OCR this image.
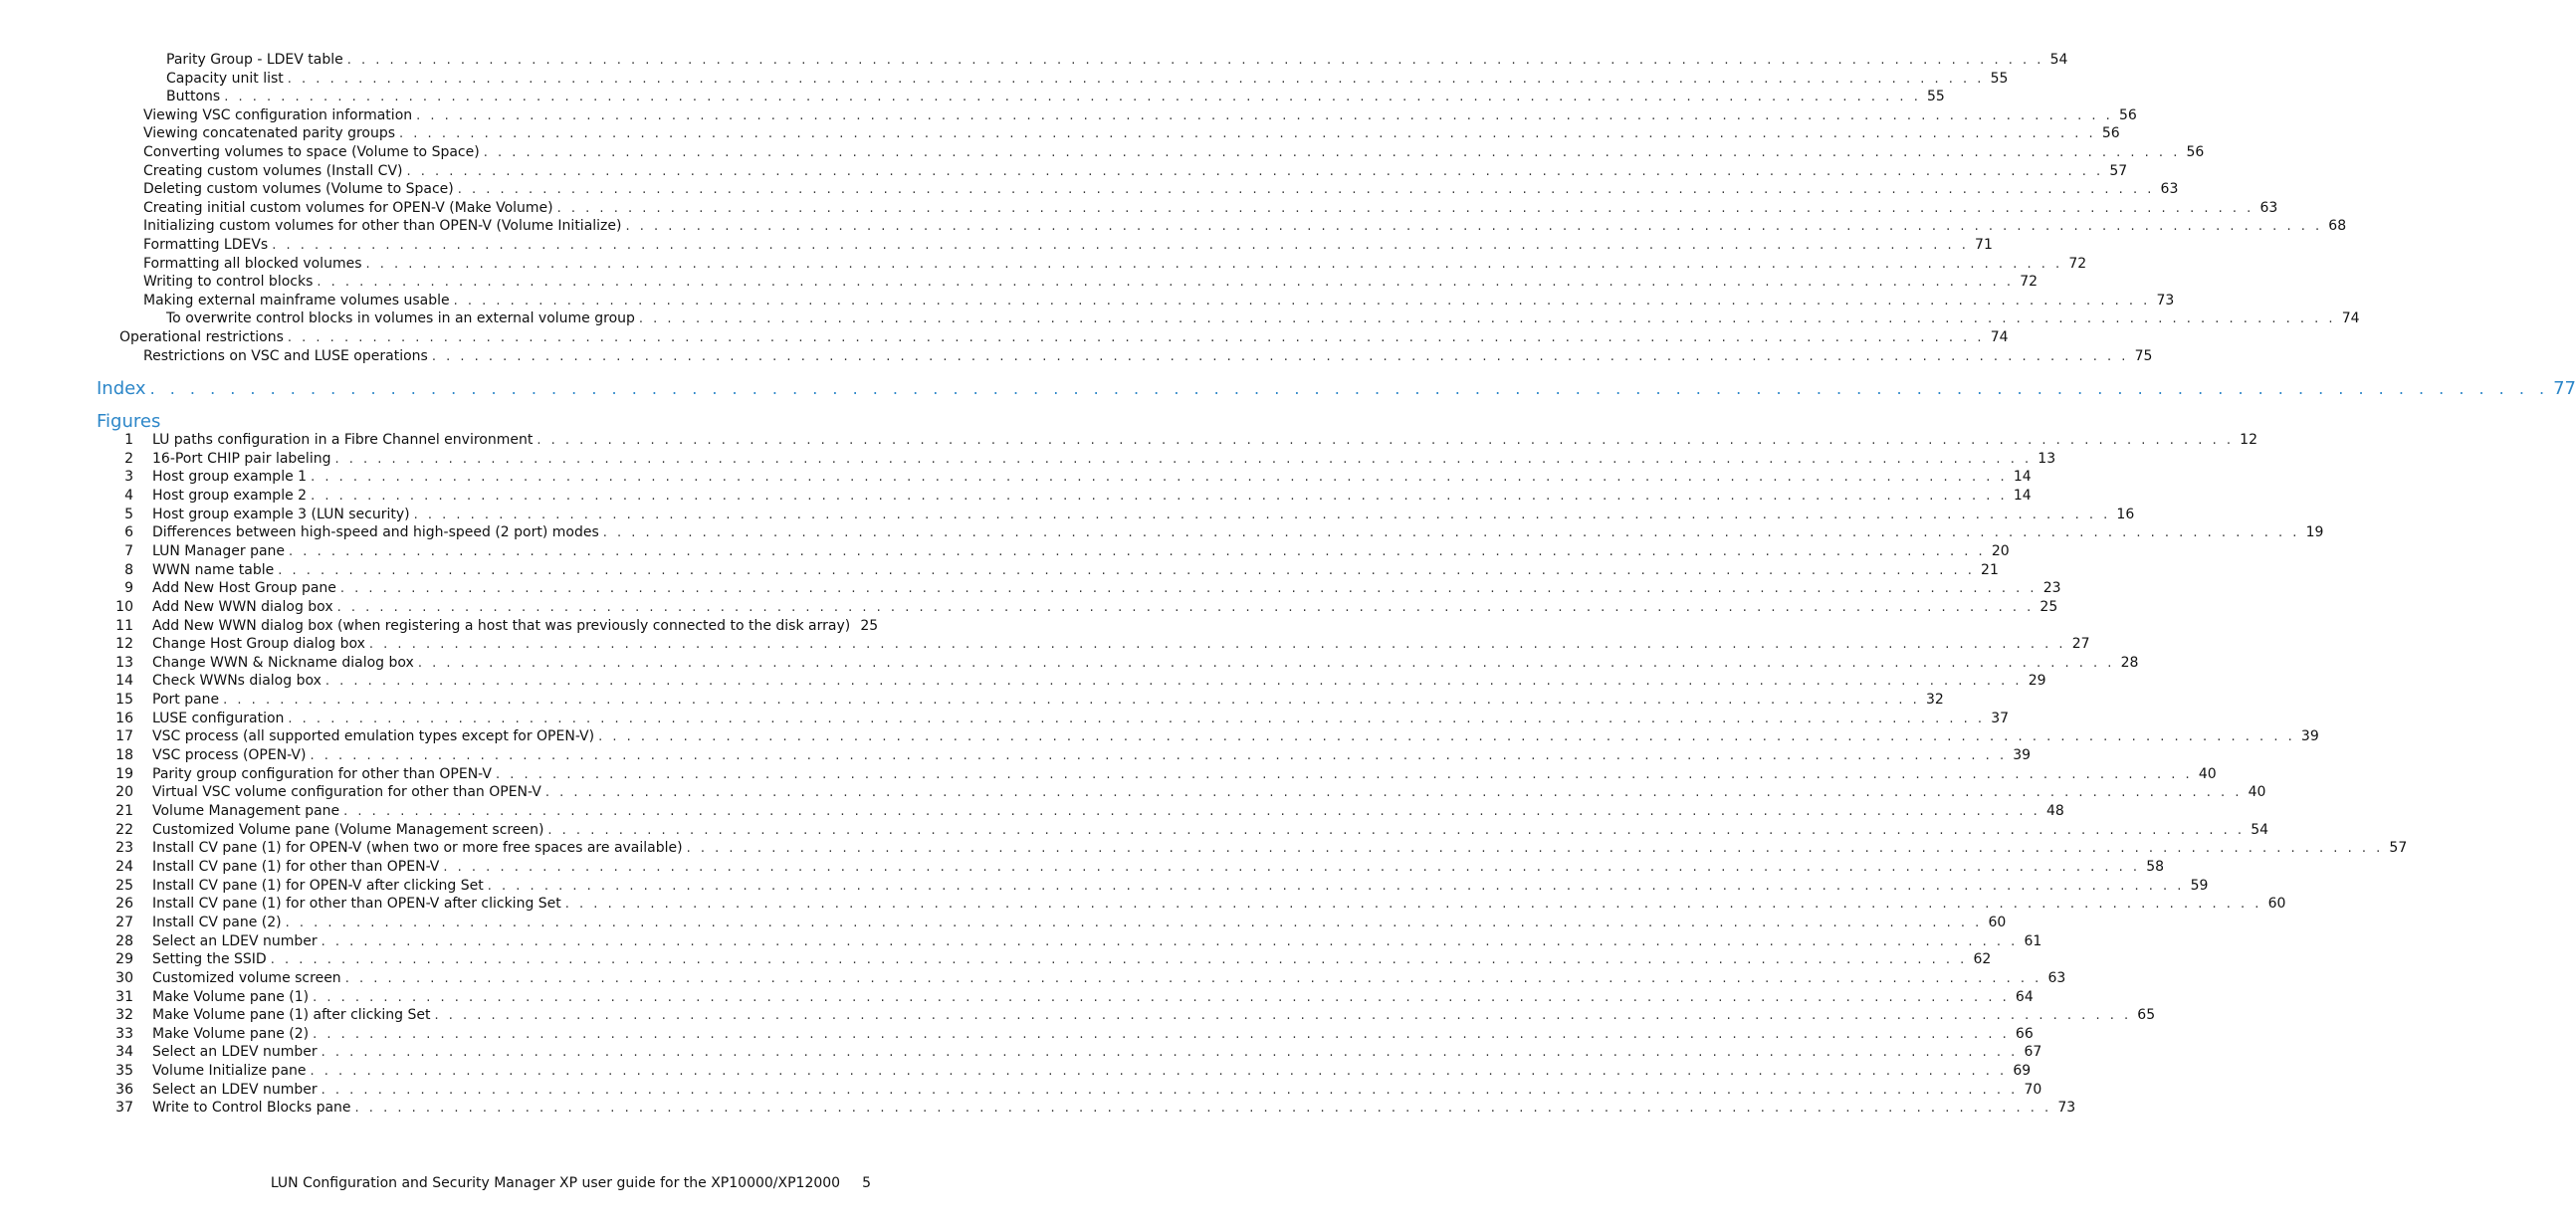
Parity Group - LDEV table . . . . . . . . . . . . . . . . . . . . . . . . . . . . . . . . . . . . . . . . . . . . . . . . . . . . . . . . . . . . . . . . . . . . . . . . . . . . . . . . . . . . . . . . . . . . . . . . . . . . . . . . . . . . . . . . . . . . . . . . 54
Capacity unit list . . . . . . . . . . . . . . . . . . . . . . . . . . . . . . . . . . . . . . . . . . . . . . . . . . . . . . . . . . . . . . . . . . . . . . . . . . . . . . . . . . . . . . . . . . . . . . . . . . . . . . . . . . . . . . . . . . . . . . . . 55
Buttons . . . . . . . . . . . . . . . . . . . . . . . . . . . . . . . . . . . . . . . . . . . . . . . . . . . . . . . . . . . . . . . . . . . . . . . . . . . . . . . . . . . . . . . . . . . . . . . . . . . . . . . . . . . . . . . . . . . . . . . . 55
Viewing VSC configuration information . . . . . . . . . . . . . . . . . . . . . . . . . . . . . . . . . . . . . . . . . . . . . . . . . . . . . . . . . . . . . . . . . . . . . . . . . . . . . . . . . . . . . . . . . . . . . . . . . . . . . . . . . . . . . . . . . . . . . . . . 56
Viewing concatenated parity groups . . . . . . . . . . . . . . . . . . . . . . . . . . . . . . . . . . . . . . . . . . . . . . . . . . . . . . . . . . . . . . . . . . . . . . . . . . . . . . . . . . . . . . . . . . . . . . . . . . . . . . . . . . . . . . . . . . . . . . . . 56
Converting volumes to space (Volume to Space) . . . . . . . . . . . . . . . . . . . . . . . . . . . . . . . . . . . . . . . . . . . . . . . . . . . . . . . . . . . . . . . . . . . . . . . . . . . . . . . . . . . . . . . . . . . . . . . . . . . . . . . . . . . . . . . . . . . . . . . . 56
Creating custom volumes (Install CV) . . . . . . . . . . . . . . . . . . . . . . . . . . . . . . . . . . . . . . . . . . . . . . . . . . . . . . . . . . . . . . . . . . . . . . . . . . . . . . . . . . . . . . . . . . . . . . . . . . . . . . . . . . . . . . . . . . . . . . . . 57
Deleting custom volumes (Volume to Space) . . . . . . . . . . . . . . . . . . . . . . . . . . . . . . . . . . . . . . . . . . . . . . . . . . . . . . . . . . . . . . . . . . . . . . . . . . . . . . . . . . . . . . . . . . . . . . . . . . . . . . . . . . . . . . . . . . . . . . . . 63
Creating initial custom volumes for OPEN-V (Make Volume) . . . . . . . . . . . . . . . . . . . . . . . . . . . . . . . . . . . . . . . . . . . . . . . . . . . . . . . . . . . . . . . . . . . . . . . . . . . . . . . . . . . . . . . . . . . . . . . . . . . . . . . . . . . . . . . . . . . . . . . . 63
Initializing custom volumes for other than OPEN-V (Volume Initialize) . . . . . . . . . . . . . . . . . . . . . . . . . . . . . . . . . . . . . . . . . . . . . . . . . . . . . . . . . . . . . . . . . . . . . . . . . . . . . . . . . . . . . . . . . . . . . . . . . . . . . . . . . . . . . . . . . . . . . . . . 68
Formatting LDEVs . . . . . . . . . . . . . . . . . . . . . . . . . . . . . . . . . . . . . . . . . . . . . . . . . . . . . . . . . . . . . . . . . . . . . . . . . . . . . . . . . . . . . . . . . . . . . . . . . . . . . . . . . . . . . . . . . . . . . . . . 71
Formatting all blocked volumes . . . . . . . . . . . . . . . . . . . . . . . . . . . . . . . . . . . . . . . . . . . . . . . . . . . . . . . . . . . . . . . . . . . . . . . . . . . . . . . . . . . . . . . . . . . . . . . . . . . . . . . . . . . . . . . . . . . . . . . . 72
Writing to control blocks . . . . . . . . . . . . . . . . . . . . . . . . . . . . . . . . . . . . . . . . . . . . . . . . . . . . . . . . . . . . . . . . . . . . . . . . . . . . . . . . . . . . . . . . . . . . . . . . . . . . . . . . . . . . . . . . . . . . . . . . 72
Making external mainframe volumes usable . . . . . . . . . . . . . . . . . . . . . . . . . . . . . . . . . . . . . . . . . . . . . . . . . . . . . . . . . . . . . . . . . . . . . . . . . . . . . . . . . . . . . . . . . . . . . . . . . . . . . . . . . . . . . . . . . . . . . . . . 73
To overwrite control blocks in volumes in an external volume group . . . . . . . . . . . . . . . . . . . . . . . . . . . . . . . . . . . . . . . . . . . . . . . . . . . . . . . . . . . . . . . . . . . . . . . . . . . . . . . . . . . . . . . . . . . . . . . . . . . . . . . . . . . . . . . . . . . . . . . . 74
Operational restrictions . . . . . . . . . . . . . . . . . . . . . . . . . . . . . . . . . . . . . . . . . . . . . . . . . . . . . . . . . . . . . . . . . . . . . . . . . . . . . . . . . . . . . . . . . . . . . . . . . . . . . . . . . . . . . . . . . . . . . . . . 74
Restrictions on VSC and LUSE operations . . . . . . . . . . . . . . . . . . . . . . . . . . . . . . . . . . . . . . . . . . . . . . . . . . . . . . . . . . . . . . . . . . . . . . . . . . . . . . . . . . . . . . . . . . . . . . . . . . . . . . . . . . . . . . . . . . . . . . . . 75
Index . . . . . . . . . . . . . . . . . . . . . . . . . . . . . . . . . . . . . . . . . . . . . . . . . . . . . . . . . . . . . . . . . . . . . . . . . . . . . . . . . . . . . . . . . . . . . . . . . . . . . . . . . . . . . . . . . . . . . . . . 77
Figures
1 LU paths configuration in a Fibre Channel environment . . . . . . . . . . . . . . . . . . . . . . . . . . . . . . . . . . . . . . . . . . . . . . . . . . . . . . . . . . . . . . . . . . . . . . . . . . . . . . . . . . . . . . . . . . . . . . . . . . . . . . . . . . . . . . . . . . . . . . . . 12
2 16-Port CHIP pair labeling . . . . . . . . . . . . . . . . . . . . . . . . . . . . . . . . . . . . . . . . . . . . . . . . . . . . . . . . . . . . . . . . . . . . . . . . . . . . . . . . . . . . . . . . . . . . . . . . . . . . . . . . . . . . . . . . . . . . . . . . 13
3 Host group example 1 . . . . . . . . . . . . . . . . . . . . . . . . . . . . . . . . . . . . . . . . . . . . . . . . . . . . . . . . . . . . . . . . . . . . . . . . . . . . . . . . . . . . . . . . . . . . . . . . . . . . . . . . . . . . . . . . . . . . . . . . 14
4 Host group example 2 . . . . . . . . . . . . . . . . . . . . . . . . . . . . . . . . . . . . . . . . . . . . . . . . . . . . . . . . . . . . . . . . . . . . . . . . . . . . . . . . . . . . . . . . . . . . . . . . . . . . . . . . . . . . . . . . . . . . . . . . 14
5 Host group example 3 (LUN security) . . . . . . . . . . . . . . . . . . . . . . . . . . . . . . . . . . . . . . . . . . . . . . . . . . . . . . . . . . . . . . . . . . . . . . . . . . . . . . . . . . . . . . . . . . . . . . . . . . . . . . . . . . . . . . . . . . . . . . . . 16
6 Differences between high-speed and high-speed (2 port) modes . . . . . . . . . . . . . . . . . . . . . . . . . . . . . . . . . . . . . . . . . . . . . . . . . . . . . . . . . . . . . . . . . . . . . . . . . . . . . . . . . . . . . . . . . . . . . . . . . . . . . . . . . . . . . . . . . . . . . . . . 19
7 LUN Manager pane . . . . . . . . . . . . . . . . . . . . . . . . . . . . . . . . . . . . . . . . . . . . . . . . . . . . . . . . . . . . . . . . . . . . . . . . . . . . . . . . . . . . . . . . . . . . . . . . . . . . . . . . . . . . . . . . . . . . . . . . 20
8 WWN name table . . . . . . . . . . . . . . . . . . . . . . . . . . . . . . . . . . . . . . . . . . . . . . . . . . . . . . . . . . . . . . . . . . . . . . . . . . . . . . . . . . . . . . . . . . . . . . . . . . . . . . . . . . . . . . . . . . . . . . . . 21
9 Add New Host Group pane . . . . . . . . . . . . . . . . . . . . . . . . . . . . . . . . . . . . . . . . . . . . . . . . . . . . . . . . . . . . . . . . . . . . . . . . . . . . . . . . . . . . . . . . . . . . . . . . . . . . . . . . . . . . . . . . . . . . . . . . 23
10 Add New WWN dialog box . . . . . . . . . . . . . . . . . . . . . . . . . . . . . . . . . . . . . . . . . . . . . . . . . . . . . . . . . . . . . . . . . . . . . . . . . . . . . . . . . . . . . . . . . . . . . . . . . . . . . . . . . . . . . . . . . . . . . . . . 25
11 Add New WWN dialog box (when registering a host that was previously connected to the disk array) 25
12 Change Host Group dialog box . . . . . . . . . . . . . . . . . . . . . . . . . . . . . . . . . . . . . . . . . . . . . . . . . . . . . . . . . . . . . . . . . . . . . . . . . . . . . . . . . . . . . . . . . . . . . . . . . . . . . . . . . . . . . . . . . . . . . . . . 27
13 Change WWN & Nickname dialog box . . . . . . . . . . . . . . . . . . . . . . . . . . . . . . . . . . . . . . . . . . . . . . . . . . . . . . . . . . . . . . . . . . . . . . . . . . . . . . . . . . . . . . . . . . . . . . . . . . . . . . . . . . . . . . . . . . . . . . . . 28
14 Check WWNs dialog box . . . . . . . . . . . . . . . . . . . . . . . . . . . . . . . . . . . . . . . . . . . . . . . . . . . . . . . . . . . . . . . . . . . . . . . . . . . . . . . . . . . . . . . . . . . . . . . . . . . . . . . . . . . . . . . . . . . . . . . . 29
15 Port pane . . . . . . . . . . . . . . . . . . . . . . . . . . . . . . . . . . . . . . . . . . . . . . . . . . . . . . . . . . . . . . . . . . . . . . . . . . . . . . . . . . . . . . . . . . . . . . . . . . . . . . . . . . . . . . . . . . . . . . . . 32
16 LUSE configuration . . . . . . . . . . . . . . . . . . . . . . . . . . . . . . . . . . . . . . . . . . . . . . . . . . . . . . . . . . . . . . . . . . . . . . . . . . . . . . . . . . . . . . . . . . . . . . . . . . . . . . . . . . . . . . . . . . . . . . . . 37
17 VSC process (all supported emulation types except for OPEN-V) . . . . . . . . . . . . . . . . . . . . . . . . . . . . . . . . . . . . . . . . . . . . . . . . . . . . . . . . . . . . . . . . . . . . . . . . . . . . . . . . . . . . . . . . . . . . . . . . . . . . . . . . . . . . . . . . . . . . . . . . 39
18 VSC process (OPEN-V) . . . . . . . . . . . . . . . . . . . . . . . . . . . . . . . . . . . . . . . . . . . . . . . . . . . . . . . . . . . . . . . . . . . . . . . . . . . . . . . . . . . . . . . . . . . . . . . . . . . . . . . . . . . . . . . . . . . . . . . . 39
19 Parity group configuration for other than OPEN-V . . . . . . . . . . . . . . . . . . . . . . . . . . . . . . . . . . . . . . . . . . . . . . . . . . . . . . . . . . . . . . . . . . . . . . . . . . . . . . . . . . . . . . . . . . . . . . . . . . . . . . . . . . . . . . . . . . . . . . . . 40
20 Virtual VSC volume configuration for other than OPEN-V . . . . . . . . . . . . . . . . . . . . . . . . . . . . . . . . . . . . . . . . . . . . . . . . . . . . . . . . . . . . . . . . . . . . . . . . . . . . . . . . . . . . . . . . . . . . . . . . . . . . . . . . . . . . . . . . . . . . . . . . 40
21 Volume Management pane . . . . . . . . . . . . . . . . . . . . . . . . . . . . . . . . . . . . . . . . . . . . . . . . . . . . . . . . . . . . . . . . . . . . . . . . . . . . . . . . . . . . . . . . . . . . . . . . . . . . . . . . . . . . . . . . . . . . . . . . 48
22 Customized Volume pane (Volume Management screen) . . . . . . . . . . . . . . . . . . . . . . . . . . . . . . . . . . . . . . . . . . . . . . . . . . . . . . . . . . . . . . . . . . . . . . . . . . . . . . . . . . . . . . . . . . . . . . . . . . . . . . . . . . . . . . . . . . . . . . . . 54
23 Install CV pane (1) for OPEN-V (when two or more free spaces are available) . . . . . . . . . . . . . . . . . . . . . . . . . . . . . . . . . . . . . . . . . . . . . . . . . . . . . . . . . . . . . . . . . . . . . . . . . . . . . . . . . . . . . . . . . . . . . . . . . . . . . . . . . . . . . . . . . . . . . . . . 57
24 Install CV pane (1) for other than OPEN-V . . . . . . . . . . . . . . . . . . . . . . . . . . . . . . . . . . . . . . . . . . . . . . . . . . . . . . . . . . . . . . . . . . . . . . . . . . . . . . . . . . . . . . . . . . . . . . . . . . . . . . . . . . . . . . . . . . . . . . . . 58
25 Install CV pane (1) for OPEN-V after clicking Set . . . . . . . . . . . . . . . . . . . . . . . . . . . . . . . . . . . . . . . . . . . . . . . . . . . . . . . . . . . . . . . . . . . . . . . . . . . . . . . . . . . . . . . . . . . . . . . . . . . . . . . . . . . . . . . . . . . . . . . . 59
26 Install CV pane (1) for other than OPEN-V after clicking Set . . . . . . . . . . . . . . . . . . . . . . . . . . . . . . . . . . . . . . . . . . . . . . . . . . . . . . . . . . . . . . . . . . . . . . . . . . . . . . . . . . . . . . . . . . . . . . . . . . . . . . . . . . . . . . . . . . . . . . . . 60
27 Install CV pane (2) . . . . . . . . . . . . . . . . . . . . . . . . . . . . . . . . . . . . . . . . . . . . . . . . . . . . . . . . . . . . . . . . . . . . . . . . . . . . . . . . . . . . . . . . . . . . . . . . . . . . . . . . . . . . . . . . . . . . . . . . 60
28 Select an LDEV number . . . . . . . . . . . . . . . . . . . . . . . . . . . . . . . . . . . . . . . . . . . . . . . . . . . . . . . . . . . . . . . . . . . . . . . . . . . . . . . . . . . . . . . . . . . . . . . . . . . . . . . . . . . . . . . . . . . . . . . . 61
29 Setting the SSID . . . . . . . . . . . . . . . . . . . . . . . . . . . . . . . . . . . . . . . . . . . . . . . . . . . . . . . . . . . . . . . . . . . . . . . . . . . . . . . . . . . . . . . . . . . . . . . . . . . . . . . . . . . . . . . . . . . . . . . . 62
30 Customized volume screen . . . . . . . . . . . . . . . . . . . . . . . . . . . . . . . . . . . . . . . . . . . . . . . . . . . . . . . . . . . . . . . . . . . . . . . . . . . . . . . . . . . . . . . . . . . . . . . . . . . . . . . . . . . . . . . . . . . . . . . . 63
31 Make Volume pane (1) . . . . . . . . . . . . . . . . . . . . . . . . . . . . . . . . . . . . . . . . . . . . . . . . . . . . . . . . . . . . . . . . . . . . . . . . . . . . . . . . . . . . . . . . . . . . . . . . . . . . . . . . . . . . . . . . . . . . . . . . 64
32 Make Volume pane (1) after clicking Set . . . . . . . . . . . . . . . . . . . . . . . . . . . . . . . . . . . . . . . . . . . . . . . . . . . . . . . . . . . . . . . . . . . . . . . . . . . . . . . . . . . . . . . . . . . . . . . . . . . . . . . . . . . . . . . . . . . . . . . . 65
33 Make Volume pane (2) . . . . . . . . . . . . . . . . . . . . . . . . . . . . . . . . . . . . . . . . . . . . . . . . . . . . . . . . . . . . . . . . . . . . . . . . . . . . . . . . . . . . . . . . . . . . . . . . . . . . . . . . . . . . . . . . . . . . . . . . 66
34 Select an LDEV number . . . . . . . . . . . . . . . . . . . . . . . . . . . . . . . . . . . . . . . . . . . . . . . . . . . . . . . . . . . . . . . . . . . . . . . . . . . . . . . . . . . . . . . . . . . . . . . . . . . . . . . . . . . . . . . . . . . . . . . . 67
35 Volume Initialize pane . . . . . . . . . . . . . . . . . . . . . . . . . . . . . . . . . . . . . . . . . . . . . . . . . . . . . . . . . . . . . . . . . . . . . . . . . . . . . . . . . . . . . . . . . . . . . . . . . . . . . . . . . . . . . . . . . . . . . . . . 69
36 Select an LDEV number . . . . . . . . . . . . . . . . . . . . . . . . . . . . . . . . . . . . . . . . . . . . . . . . . . . . . . . . . . . . . . . . . . . . . . . . . . . . . . . . . . . . . . . . . . . . . . . . . . . . . . . . . . . . . . . . . . . . . . . . 70
37 Write to Control Blocks pane . . . . . . . . . . . . . . . . . . . . . . . . . . . . . . . . . . . . . . . . . . . . . . . . . . . . . . . . . . . . . . . . . . . . . . . . . . . . . . . . . . . . . . . . . . . . . . . . . . . . . . . . . . . . . . . . . . . . . . . . 73
LUN Configuration and Security Manager XP user guide for the XP10000/XP12000 5
